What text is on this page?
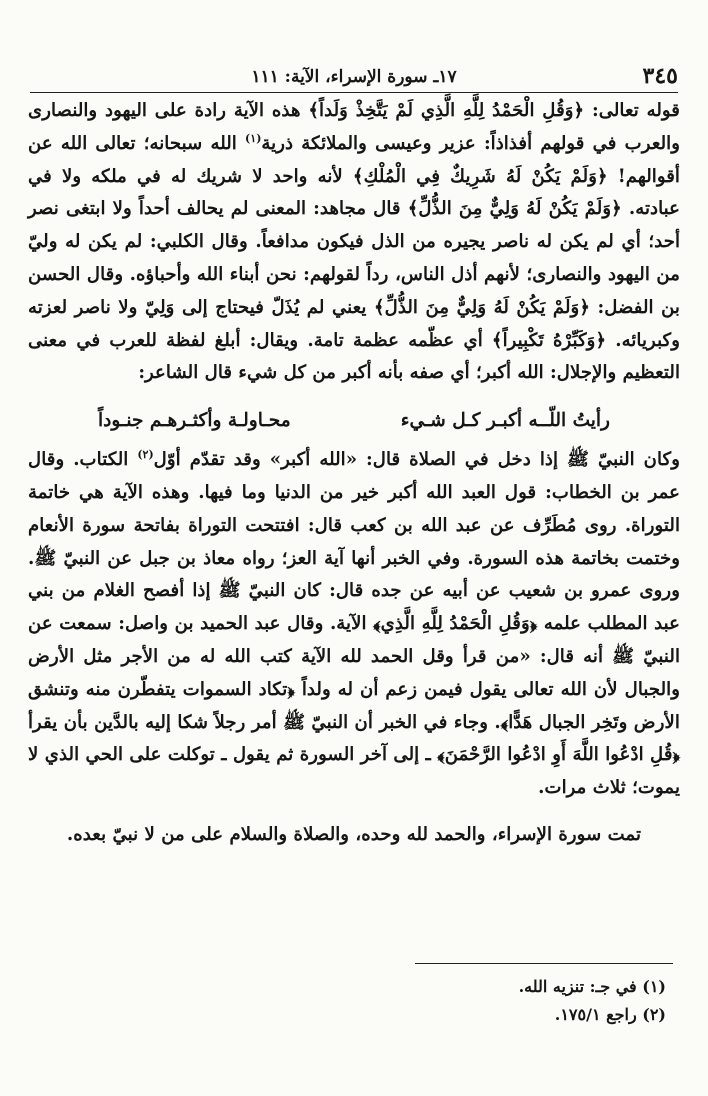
٣٤٥
١٧ـ سورة الإسراء، الآية: ١١١

قوله تعالى: ﴿وَقُلِ الْحَمْدُ لِلَّهِ الَّذِي لَمْ يَتَّخِذْ وَلَداً﴾ هذه الآية رادة على اليهود والنصارى والعرب في قولهم أفذاذاً: عزير وعيسى والملائكة ذرية$^{(١)}$ الله سبحانه؛ تعالى الله عن أقوالهم! ﴿وَلَمْ يَكُنْ لَهُ شَرِيكٌ فِي الْمُلْكِ﴾ لأنه واحد لا شريك له في ملكه ولا في عبادته. ﴿وَلَمْ يَكُنْ لَهُ وَلِيٌّ مِنَ الذُّلِّ﴾ قال مجاهد: المعنى لم يحالف أحداً ولا ابتغى نصر أحد؛ أي لم يكن له ناصر يجيره من الذل فيكون مدافعاً. وقال الكلبي: لم يكن له وليّ من اليهود والنصارى؛ لأنهم أذل الناس، رداً لقولهم: نحن أبناء الله وأحباؤه. وقال الحسن بن الفضل: ﴿وَلَمْ يَكُنْ لَهُ وَلِيٌّ مِنَ الذُّلِّ﴾ يعني لم يُذَلّ فيحتاج إلى وَلِيّ ولا ناصر لعزته وكبريائه. ﴿وَكَبِّرْهُ تَكْبِيراً﴾ أي عظّمه عظمة تامة. ويقال: أبلغ لفظة للعرب في معنى التعظيم والإجلال: الله أكبر؛ أي صفه بأنه أكبر من كل شيء قال الشاعر:

رأيتُ اللّــه أكبـر كـل شـيء
محـاولـة وأكثـرهـم جنـوداً

وكان النبيّ ﷺ إذا دخل في الصلاة قال: «الله أكبر» وقد تقدّم أوّل$^{(٢)}$ الكتاب. وقال عمر بن الخطاب: قول العبد الله أكبر خير من الدنيا وما فيها. وهذه الآية هي خاتمة التوراة. روى مُطَرِّف عن عبد الله بن كعب قال: افتتحت التوراة بفاتحة سورة الأنعام وختمت بخاتمة هذه السورة. وفي الخبر أنها آية العز؛ رواه معاذ بن جبل عن النبيّ ﷺ. وروى عمرو بن شعيب عن أبيه عن جده قال: كان النبيّ ﷺ إذا أفصح الغلام من بني عبد المطلب علمه ﴿وَقُلِ الْحَمْدُ لِلَّهِ الَّذِي﴾ الآية. وقال عبد الحميد بن واصل: سمعت عن النبيّ ﷺ أنه قال: «من قرأ وقل الحمد لله الآية كتب الله له من الأجر مثل الأرض والجبال لأن الله تعالى يقول فيمن زعم أن له ولداً ﴿تكاد السموات يتفطّرن منه وتنشق الأرض وتَخِر الجبال هَدًّا﴾. وجاء في الخبر أن النبيّ ﷺ أمر رجلاً شكا إليه بالدَّين بأن يقرأ ﴿قُلِ ادْعُوا اللَّهَ أَوِ ادْعُوا الرَّحْمَنَ﴾ ـ إلى آخر السورة ثم يقول ـ توكلت على الحي الذي لا يموت؛ ثلاث مرات.

تمت سورة الإسراء، والحمد لله وحده، والصلاة والسلام على من لا نبيّ بعده.

(١) في جـ: تنزيه الله.
(٢) راجع ١٧٥/١.
